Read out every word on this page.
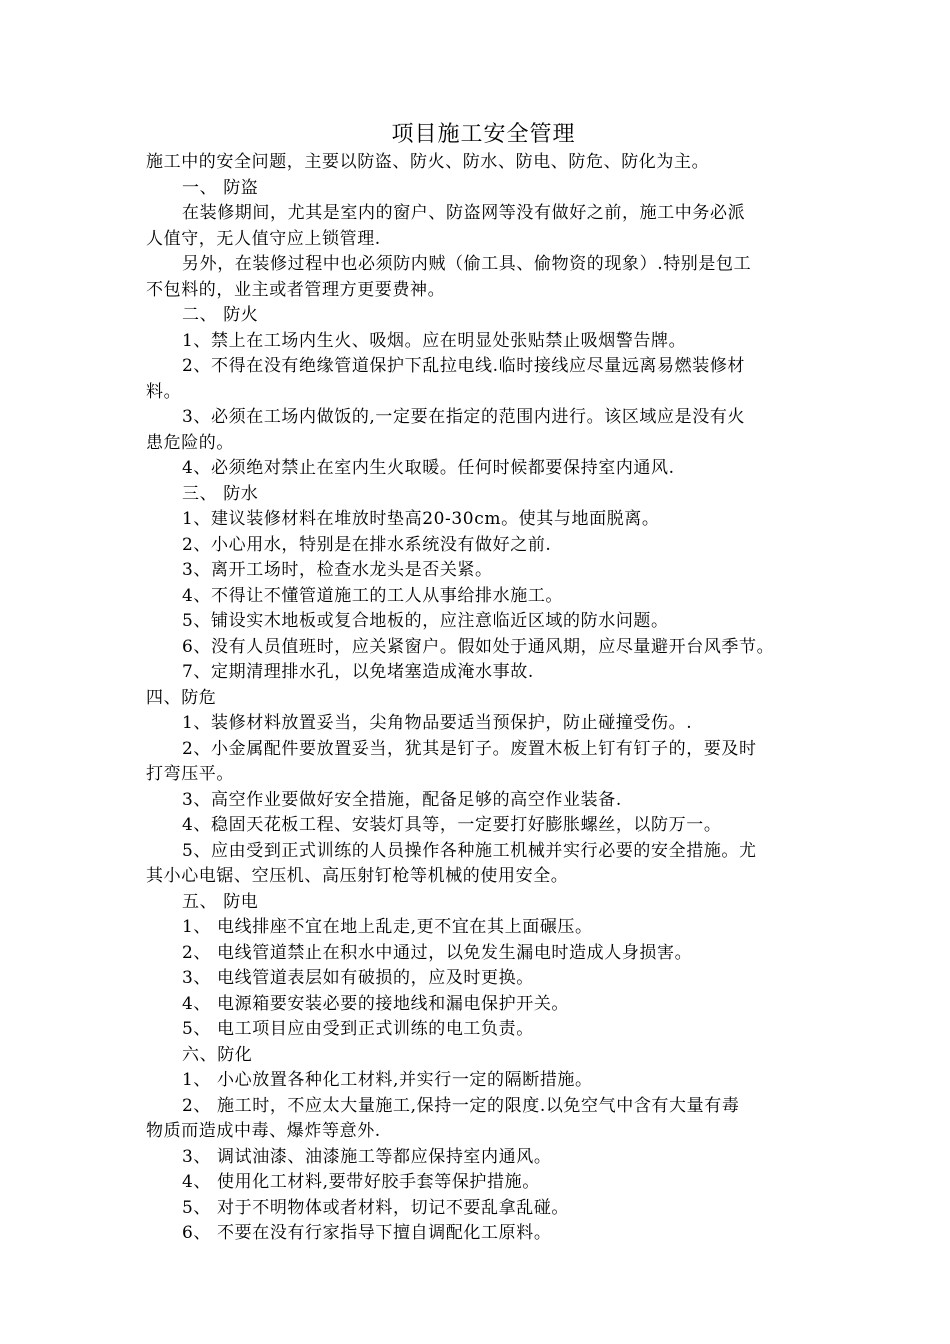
项目施工安全管理
施工中的安全问题，主要以防盗、防火、防水、防电、防危、防化为主。
一、 防盗
在装修期间，尤其是室内的窗户、防盗网等没有做好之前，施工中务必派
人值守，无人值守应上锁管理.
另外，在装修过程中也必须防内贼（偷工具、偷物资的现象）.特别是包工
不包料的，业主或者管理方更要费神。
二、 防火
1、禁上在工场内生火、吸烟。应在明显处张贴禁止吸烟警告牌。
2、不得在没有绝缘管道保护下乱拉电线.临时接线应尽量远离易燃装修材
料。
3、必须在工场内做饭的,一定要在指定的范围内进行。该区域应是没有火
患危险的。
4、必须绝对禁止在室内生火取暖。任何时候都要保持室内通风.
三、 防水
1、建议装修材料在堆放时垫高20-30cm。使其与地面脱离。
2、小心用水，特别是在排水系统没有做好之前.
3、离开工场时，检查水龙头是否关紧。
4、不得让不懂管道施工的工人从事给排水施工。
5、铺设实木地板或复合地板的，应注意临近区域的防水问题。
6、没有人员值班时，应关紧窗户。假如处于通风期，应尽量避开台风季节。
7、定期清理排水孔，以免堵塞造成淹水事故.
四、防危
1、装修材料放置妥当，尖角物品要适当预保护，防止碰撞受伤。.
2、小金属配件要放置妥当，犹其是钉子。废置木板上钉有钉子的，要及时
打弯压平。
3、高空作业要做好安全措施，配备足够的高空作业装备.
4、稳固天花板工程、安装灯具等，一定要打好膨胀螺丝，以防万一。
5、应由受到正式训练的人员操作各种施工机械并实行必要的安全措施。尤
其小心电锯、空压机、高压射钉枪等机械的使用安全。
五、 防电
1、 电线排座不宜在地上乱走,更不宜在其上面碾压。
2、 电线管道禁止在积水中通过，以免发生漏电时造成人身损害。
3、 电线管道表层如有破损的，应及时更换。
4、 电源箱要安装必要的接地线和漏电保护开关。
5、 电工项目应由受到正式训练的电工负责。
六、防化
1、 小心放置各种化工材料,并实行一定的隔断措施。
2、 施工时，不应太大量施工,保持一定的限度.以免空气中含有大量有毒
物质而造成中毒、爆炸等意外.
3、 调试油漆、油漆施工等都应保持室内通风。
4、 使用化工材料,要带好胶手套等保护措施。
5、 对于不明物体或者材料，切记不要乱拿乱碰。
6、 不要在没有行家指导下擅自调配化工原料。
